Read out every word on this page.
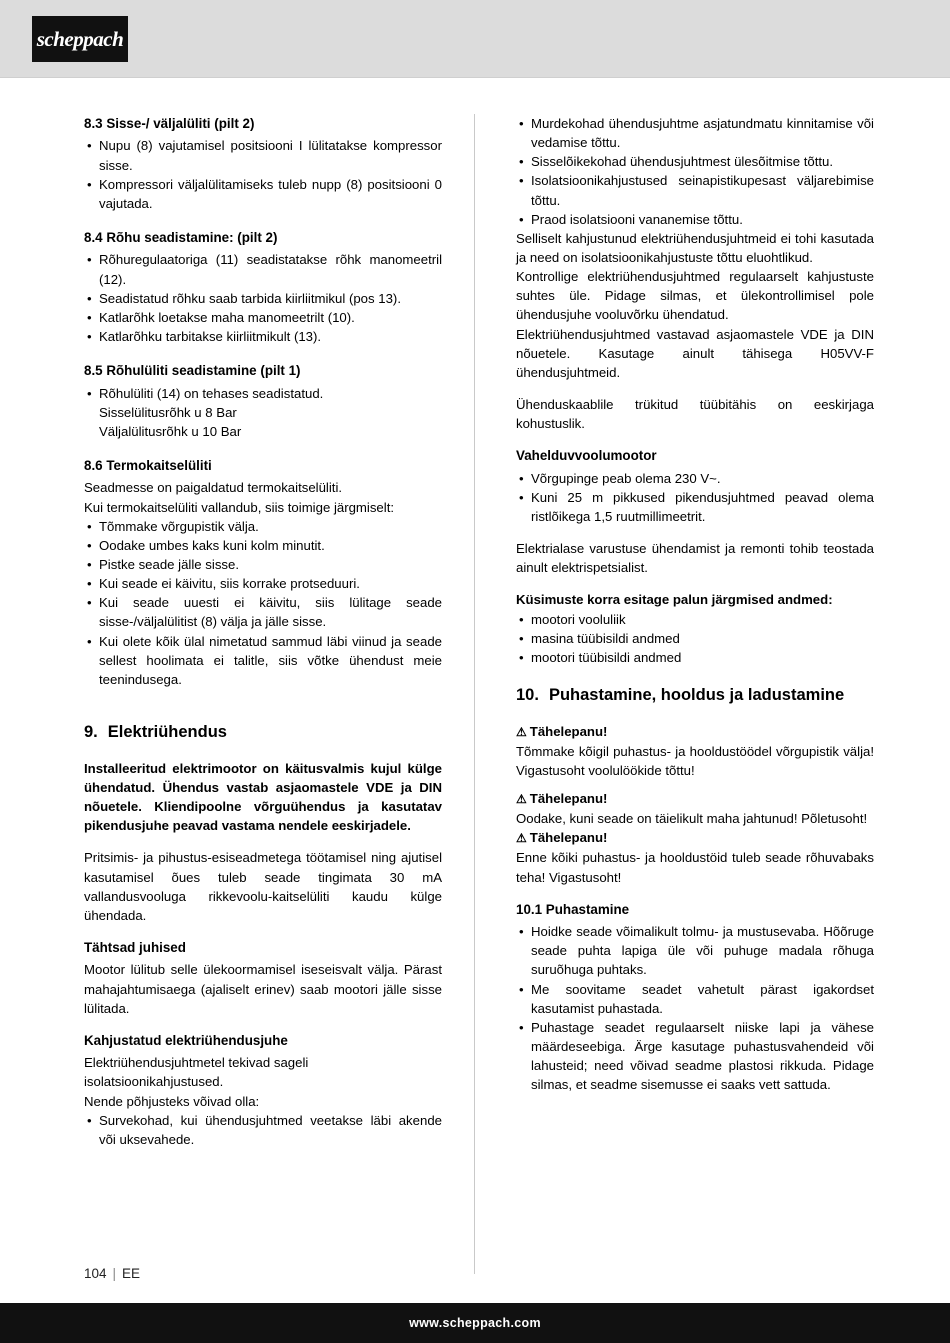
scheppach
8.3 Sisse-/ väljalüliti (pilt 2)
• Nupu (8) vajutamisel positsiooni I lülitatakse kompressor sisse.
• Kompressori väljalülitamiseks tuleb nupp (8) positsiooni 0 vajutada.
8.4 Rõhu seadistamine: (pilt 2)
• Rõhuregulaatoriga (11) seadistatakse rõhk manomeetril (12).
• Seadistatud rõhku saab tarbida kiirliitmikul (pos 13).
• Katlarõhk loetakse maha manomeetrilt (10).
• Katlarõhku tarbitakse kiirliitmikult (13).
8.5 Rõhulüliti seadistamine (pilt 1)
• Rõhulüliti (14) on tehases seadistatud.
Sisselülitusrõhk u 8 Bar
Väljalülitusrõhk u 10 Bar
8.6 Termokaitselüliti

Seadmesse on paigaldatud termokaitselüliti.

Kui termokaitselüliti vallandub, siis toimige järgmiselt:

• Tõmmake võrgupistik välja.
• Oodake umbes kaks kuni kolm minutit.
• Pistke seade jälle sisse.
• Kui seade ei käivitu, siis korrake protseduuri.
• Kui seade uuesti ei käivitu, siis lülitage seade sisse-/väljalülitist (8) välja ja jälle sisse.
• Kui olete kõik ülal nimetatud sammud läbi viinud ja seade sellest hoolimata ei talitle, siis võtke ühendust meie teenindusega.
9. Elektriühendus

Installeeritud elektrimootor on käitusvalmis kujul külge ühendatud. Ühendus vastab asjaomastele VDE ja DIN nõuetele. Kliendipoolne võrguühendus ja kasutatav pikendusjuhe peavad vastama nendele eeskirjadele.

Pritsimis- ja pihustus-esiseadmetega töötamisel ning ajutisel kasutamisel õues tuleb seade tingimata 30 mA vallandusvooluga rikkevoolu-kaitselüliti kaudu külge ühendada.

Tähtsad juhised

Mootor lülitub selle ülekoormamisel iseseisvalt välja. Pärast mahajahtumisaega (ajaliselt erinev) saab mootori jälle sisse lülitada.

Kahjustatud elektriühendusjuhe

Elektriühendusjuhtmetel tekivad sageli isolatsioonikahjustused.

Nende põhjusteks võivad olla:

• Survekohad, kui ühendusjuhtmed veetakse läbi akende või uksevahede.
• Murdekohad ühendusjuhtme asjatundmatu kinnitamise või vedamise tõttu.
• Sisselõikekohad ühendusjuhtmest ülesõitmise tõttu.
• Isolatsioonikahjustused seinapistikupesast väljarebimise tõttu.
• Praod isolatsiooni vananemise tõttu.

Selliselt kahjustunud elektriühendusjuhtmeid ei tohi kasutada ja need on isolatsioonikahjustuste tõttu eluohtlikud.

Kontrollige elektriühendusjuhtmed regulaarselt kahjustuste suhtes üle. Pidage silmas, et ülekontrollimisel pole ühendusjuhe vooluvõrku ühendatud.

Elektriühendusjuhtmed vastavad asjaomastele VDE ja DIN nõuetele. Kasutage ainult tähisega H05VV-F ühendusjuhtmeid.

Ühenduskaablile trükitud tüübitähis on eeskirjaga kohustuslik.

Vahelduvvoolumootor
• Võrgupinge peab olema 230 V~.
• Kuni 25 m pikkused pikendusjuhtmed peavad olema ristlõikega 1,5 ruutmillimeetrit.

Elektrialase varustuse ühendamist ja remonti tohib teostada ainult elektrispetsialist.

Küsimuste korra esitage palun järgmised andmed:

• mootori vooluliik
• masina tüübisildi andmed
• mootori tüübisildi andmed
10. Puhastamine, hooldus ja ladustamine

⚠ Tähelepanu!

Tõmmake kõigil puhastus- ja hooldustöödel võrgupistik välja! Vigastusoht voolulöökide tõttu!

⚠ Tähelepanu!

Oodake, kuni seade on täielikult maha jahtunud! Põletusoht!

⚠ Tähelepanu!

Enne kõiki puhastus- ja hooldustöid tuleb seade rõhuvabaks teha! Vigastusoht!

10.1 Puhastamine
• Hoidke seade võimalikult tolmu- ja mustusevaba. Hõõruge seade puhta lapiga üle või puhuge madala rõhuga suruõhuga puhtaks.
• Me soovitame seadet vahetult pärast igakordset kasutamist puhastada.
• Puhastage seadet regulaarselt niiske lapi ja vähese määrdeseebiga. Ärge kasutage puhastusvahendeid või lahusteid; need võivad seadme plastosi rikkuda. Pidage silmas, et seadme sisemusse ei saaks vett sattuda.
104 | EE
www.scheppach.com
